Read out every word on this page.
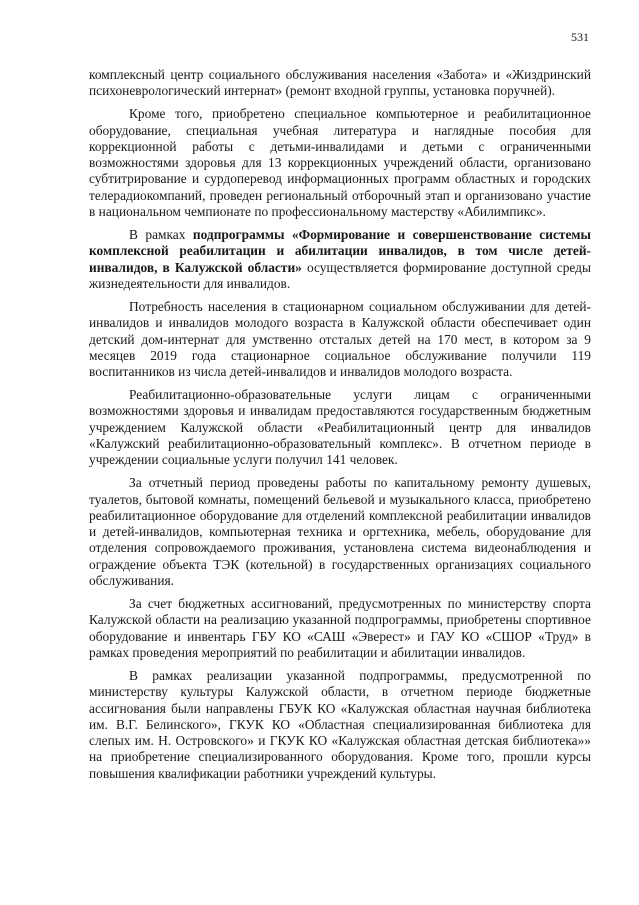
531

комплексный центр социального обслуживания населения «Забота» и «Жиздринский психоневрологический интернат» (ремонт входной группы, установка поручней).

Кроме того, приобретено специальное компьютерное и реабилитационное оборудование, специальная учебная литература и наглядные пособия для коррекционной работы с детьми-инвалидами и детьми с ограниченными возможностями здоровья для 13 коррекционных учреждений области, организовано субтитрирование и сурдоперевод информационных программ областных и городских телерадиокомпаний, проведен региональный отборочный этап и организовано участие в национальном чемпионате по профессиональному мастерству «Абилимпикс».

В рамках подпрограммы «Формирование и совершенствование системы комплексной реабилитации и абилитации инвалидов, в том числе детей-инвалидов, в Калужской области» осуществляется формирование доступной среды жизнедеятельности для инвалидов.

Потребность населения в стационарном социальном обслуживании для детей-инвалидов и инвалидов молодого возраста в Калужской области обеспечивает один детский дом-интернат для умственно отсталых детей на 170 мест, в котором за 9 месяцев 2019 года стационарное социальное обслуживание получили 119 воспитанников из числа детей-инвалидов и инвалидов молодого возраста.

Реабилитационно-образовательные услуги лицам с ограниченными возможностями здоровья и инвалидам предоставляются государственным бюджетным учреждением Калужской области «Реабилитационный центр для инвалидов «Калужский реабилитационно-образовательный комплекс». В отчетном периоде в учреждении социальные услуги получил 141 человек.

За отчетный период проведены работы по капитальному ремонту душевых, туалетов, бытовой комнаты, помещений бельевой и музыкального класса, приобретено реабилитационное оборудование для отделений комплексной реабилитации инвалидов и детей-инвалидов, компьютерная техника и оргтехника, мебель, оборудование для отделения сопровождаемого проживания, установлена система видеонаблюдения и ограждение объекта ТЭК (котельной) в государственных организациях социального обслуживания.

За счет бюджетных ассигнований, предусмотренных по министерству спорта Калужской области на реализацию указанной подпрограммы, приобретены спортивное оборудование и инвентарь ГБУ КО «САШ «Эверест» и ГАУ КО «СШОР «Труд» в рамках проведения мероприятий по реабилитации и абилитации инвалидов.

В рамках реализации указанной подпрограммы, предусмотренной по министерству культуры Калужской области, в отчетном периоде бюджетные ассигнования были направлены ГБУК КО «Калужская областная научная библиотека им. В.Г. Белинского», ГКУК КО «Областная специализированная библиотека для слепых им. Н. Островского» и ГКУК КО «Калужская областная детская библиотека»» на приобретение специализированного оборудования. Кроме того, прошли курсы повышения квалификации работники учреждений культуры.
